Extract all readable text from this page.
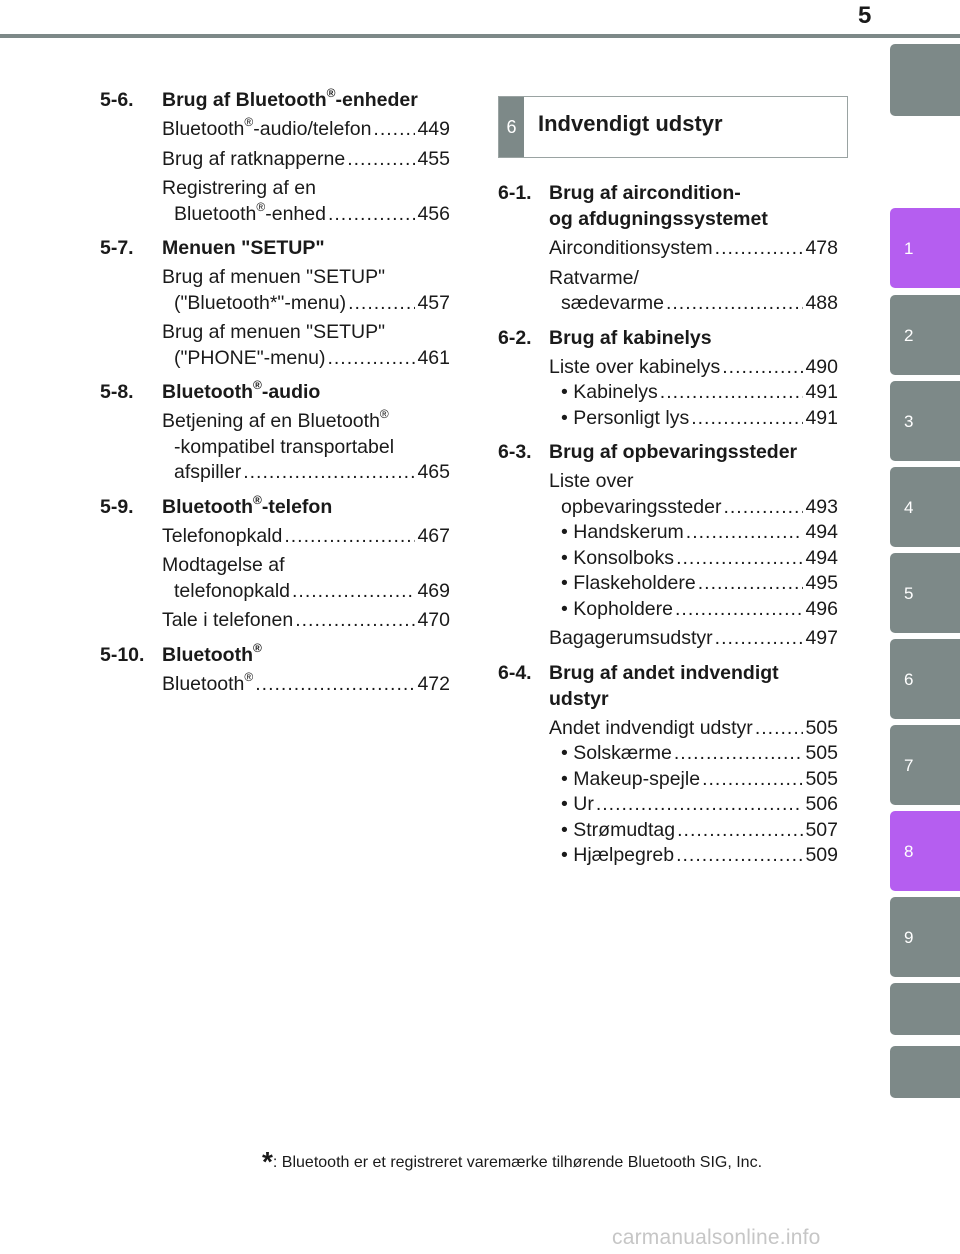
5
1
2
3
4
5
6
7
8
9
6 Indvendigt udstyr
5-6.	Brug af Bluetooth®-enheder
Bluetooth®-audio/telefon ..... 449
Brug af ratknapperne .....	455
Registrering af en
Bluetooth®-enhed .....	456
5-7.	Menuen "SETUP"
Brug af menuen "SETUP"
("Bluetooth*"-menu) .....	457
Brug af menuen "SETUP"
("PHONE"-menu) .....	461
5-8.	Bluetooth®-audio
Betjening af en Bluetooth®
-kompatibel transportabel
afspiller .....	465
5-9.	Bluetooth®-telefon
Telefonopkald .....	467
Modtagelse af
telefonopkald .....	469
Tale i telefonen .....	470
5-10. Bluetooth®
Bluetooth® .....	472
6-1. Brug af aircondition-
og afdugningssystemet
Airconditionsystem .....	478
Ratvarme/
sædevarme .....	488
6-2. Brug af kabinelys
Liste over kabinelys .....	490
• Kabinelys .....	491
• Personligt lys .....	491
6-3. Brug af opbevaringssteder
Liste over
opbevaringssteder .....	493
• Handskerum .....	494
• Konsolboks .....	494
• Flaskeholdere .....	495
• Kopholdere .....	496
Bagagerumsudstyr .....	497
6-4. Brug af andet indvendigt
udstyr
Andet indvendigt udstyr .....	505
• Solskærme .....	505
• Makeup-spejle .....	505
• Ur .....	506
• Strømudtag .....	507
• Hjælpegreb .....	509
*: Bluetooth er et registreret varemærke tilhørende Bluetooth SIG, Inc.
carmanualsonline.info
